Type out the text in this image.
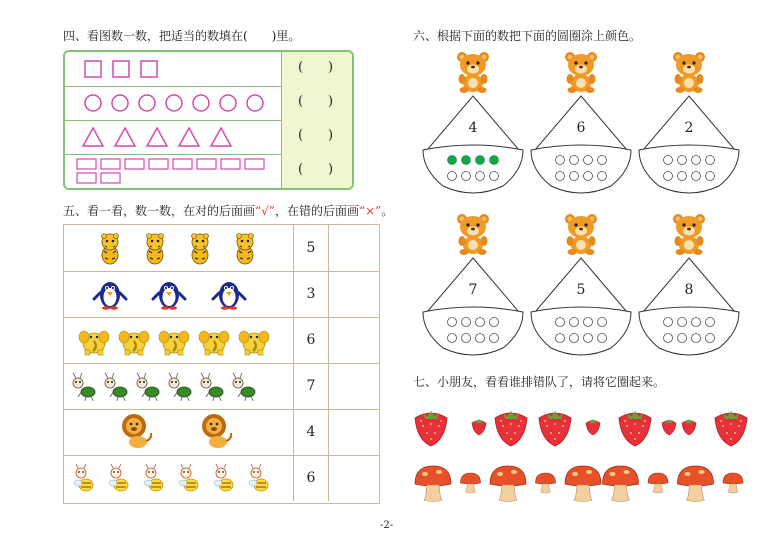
四、看图数一数，把适当的数填在(　　)里。
( )
( )
( )
( )
五、看一看，数一数，在对的后面画“√”，在错的后面画“×”。
5
3
6
7
4
6
六、根据下面的数把下面的圆圈涂上颜色。
4	6	2
7	5	8
七、小朋友，看看谁排错队了，请将它圈起来。
-2-
